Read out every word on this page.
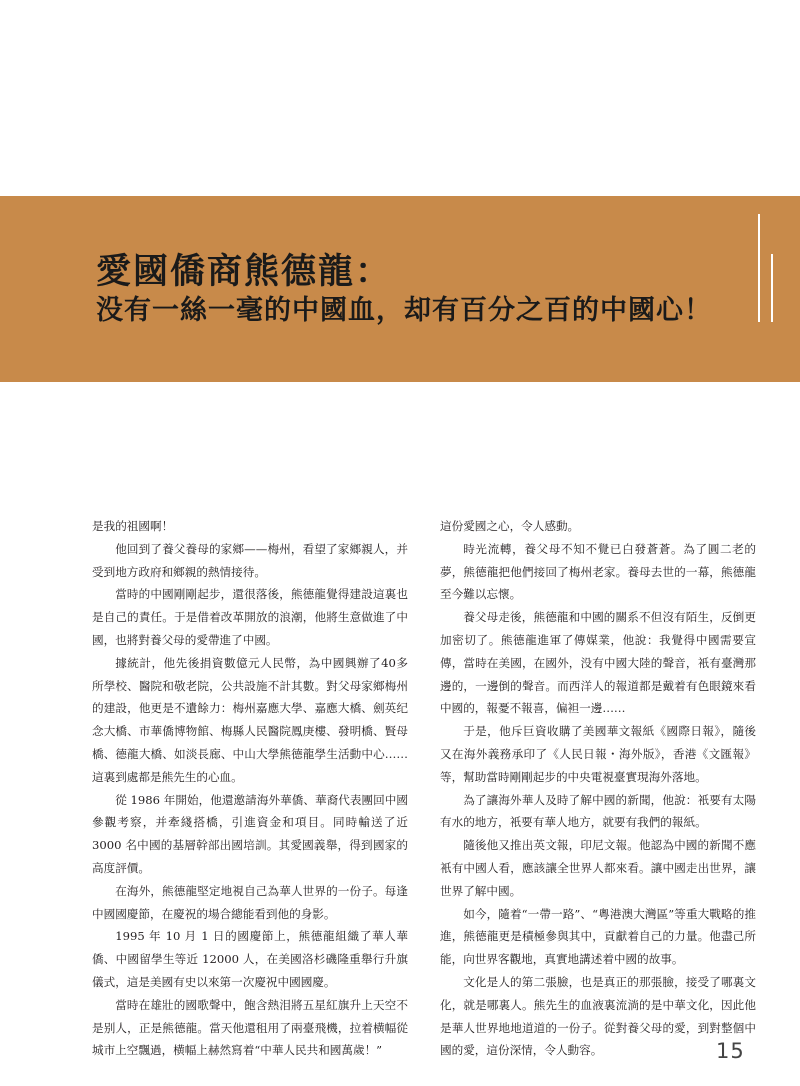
愛國僑商熊德龍：
没有一絲一毫的中國血，却有百分之百的中國心！

是我的祖國啊！

他回到了養父養母的家鄉——梅州，看望了家鄉親人，并受到地方政府和鄉親的熱情接待。

當時的中國剛剛起步，還很落後，熊德龍覺得建設這裏也是自己的責任。于是借着改革開放的浪潮，他將生意做進了中國，也將對養父母的愛帶進了中國。

據統計，他先後捐資數億元人民幣，為中國興辦了40多所學校、醫院和敬老院，公共設施不計其數。對父母家鄉梅州的建設，他更是不遺餘力：梅州嘉應大學、嘉應大橋、劍英纪念大橋、市華僑博物館、梅縣人民醫院鳳庚樓、發明橋、賢母橋、德龍大橋、如淡長廊、中山大學熊德龍學生活動中心……這裏到處都是熊先生的心血。

從 1986 年開始，他還邀請海外華僑、華裔代表團回中國參觀考察，并牽綫搭橋，引進資金和項目。同時輸送了近 3000 名中國的基層幹部出國培訓。其愛國義舉，得到國家的高度評價。

在海外，熊德龍堅定地視自己為華人世界的一份子。每逢中國國慶節，在慶祝的場合總能看到他的身影。

1995 年 10 月 1 日的國慶節上，熊德龍組織了華人華僑、中國留學生等近 12000 人，在美國洛杉磯隆重舉行升旗儀式，這是美國有史以來第一次慶祝中國國慶。

當時在雄壯的國歌聲中，飽含熱泪將五星紅旗升上天空不是别人，正是熊德龍。當天他還租用了兩臺飛機，拉着横幅從城市上空飄過，横幅上赫然寫着“中華人民共和國萬歲！”

這份愛國之心，令人感動。

時光流轉，養父母不知不覺已白發蒼蒼。為了圓二老的夢，熊德龍把他們接回了梅州老家。養母去世的一幕，熊德龍至今難以忘懷。

養父母走後，熊德龍和中國的關系不但沒有陌生，反倒更加密切了。熊德龍進軍了傳媒業，他說：我覺得中國需要宣傳，當時在美國，在國外，没有中國大陸的聲音，衹有臺灣那邊的，一邊倒的聲音。而西洋人的報道都是戴着有色眼鏡來看中國的，報憂不報喜，偏袒一邊……

于是，他斥巨資收購了美國華文報紙《國際日報》，隨後又在海外義務承印了《人民日報・海外版》，香港《文匯報》等，幫助當時剛剛起步的中央電視臺實現海外落地。

為了讓海外華人及時了解中國的新聞，他說：衹要有太陽有水的地方，衹要有華人地方，就要有我們的報紙。

隨後他又推出英文報，印尼文報。他認為中國的新聞不應衹有中國人看，應該讓全世界人都來看。讓中國走出世界，讓世界了解中國。

如今，隨着“一帶一路”、“粵港澳大灣區”等重大戰略的推進，熊德龍更是積極參與其中，貢獻着自己的力量。他盡己所能，向世界客觀地，真實地講述着中國的故事。

文化是人的第二張臉，也是真正的那張臉，接受了哪裏文化，就是哪裏人。熊先生的血液裏流淌的是中華文化，因此他是華人世界地地道道的一份子。從對養父母的愛，到對整個中國的愛，這份深情，令人動容。	15
